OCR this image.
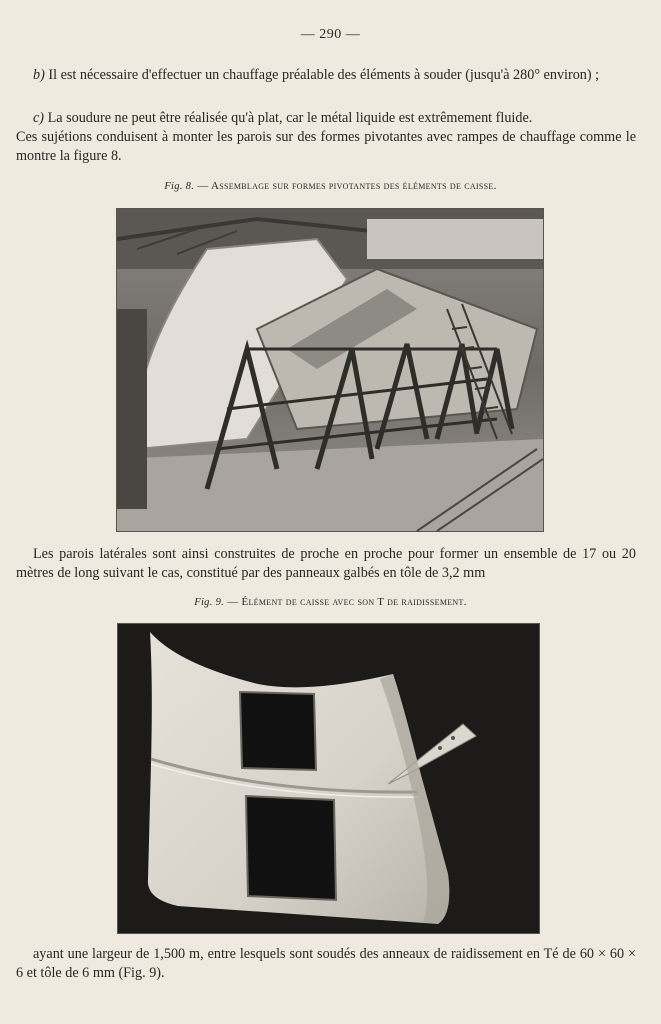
— 290 —

b) Il est nécessaire d'effectuer un chauffage préalable des éléments à souder (jusqu'à 280° environ) ;

c) La soudure ne peut être réalisée qu'à plat, car le métal liquide est extrêmement fluide.

Ces sujétions conduisent à monter les parois sur des formes pivotantes avec rampes de chauffage comme le montre la figure 8.

Fig. 8. — Assemblage sur formes pivotantes des éléments de caisse.

Les parois latérales sont ainsi construites de proche en proche pour former un ensemble de 17 ou 20 mètres de long suivant le cas, constitué par des panneaux galbés en tôle de 3,2 mm

Fig. 9. — Élément de caisse avec son T de raidissement.

ayant une largeur de 1,500 m, entre lesquels sont soudés des anneaux de raidissement en Té de 60 × 60 × 6 et tôle de 6 mm (Fig. 9).
